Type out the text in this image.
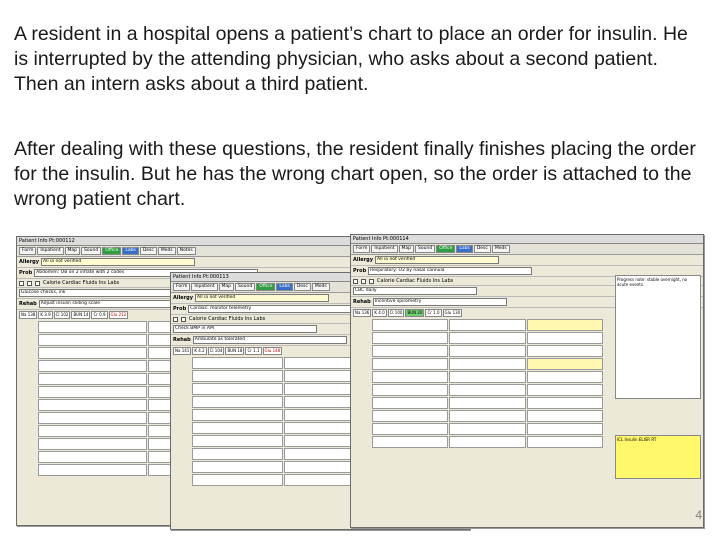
A resident in a hospital opens a patient’s chart to place an order for insulin. He is interrupted by the attending physician, who asks about a second patient. Then an intern asks about a third patient.

After dealing with these questions, the resident finally finishes placing the order for the insulin. But he has the wrong chart open, so the order is attached to the wrong patient chart.

Patient Info Pt:000112
Form	Inpatient	Map	Sound	Office	Labs	Desc	Meds	Notes
Allergy All ia not verified
Prob Abdomen: OB on 2 inflate with 2 codes
Calorie Cardiac Fluids Ins Labs
Glucose checks, ink
Rehab Adjust insulin sliding scale
Na 138	K 3.9	Cl 102	BUN 14	Cr 0.9	Glu 212
Patient Info Pt:000113
Form	Inpatient	Map	Sound	Office	Labs	Desc	Meds
Allergy All ia not verified
Prob Cardiac: monitor telemetry
Calorie Cardiac Fluids Ins Labs
Check BMP in AM
Rehab Ambulate as tolerated
Na 141	K 4.2	Cl 104	BUN 18	Cr 1.1	Glu 148
Patient Info Pt:000114
Form	Inpatient	Map	Sound	Office	Labs	Desc	Meds
Allergy All ia not verified
Prob Respiratory: O2 by nasal cannula
Calorie Cardiac Fluids Ins Labs
CBC daily
Rehab Incentive spirometry
Na 136	K 4.0	Cl 100	BUN 20	Cr 1.0	Glu 130
Progress note: stable overnight, no acute events.
ICL Insulin ELISR RT
4
